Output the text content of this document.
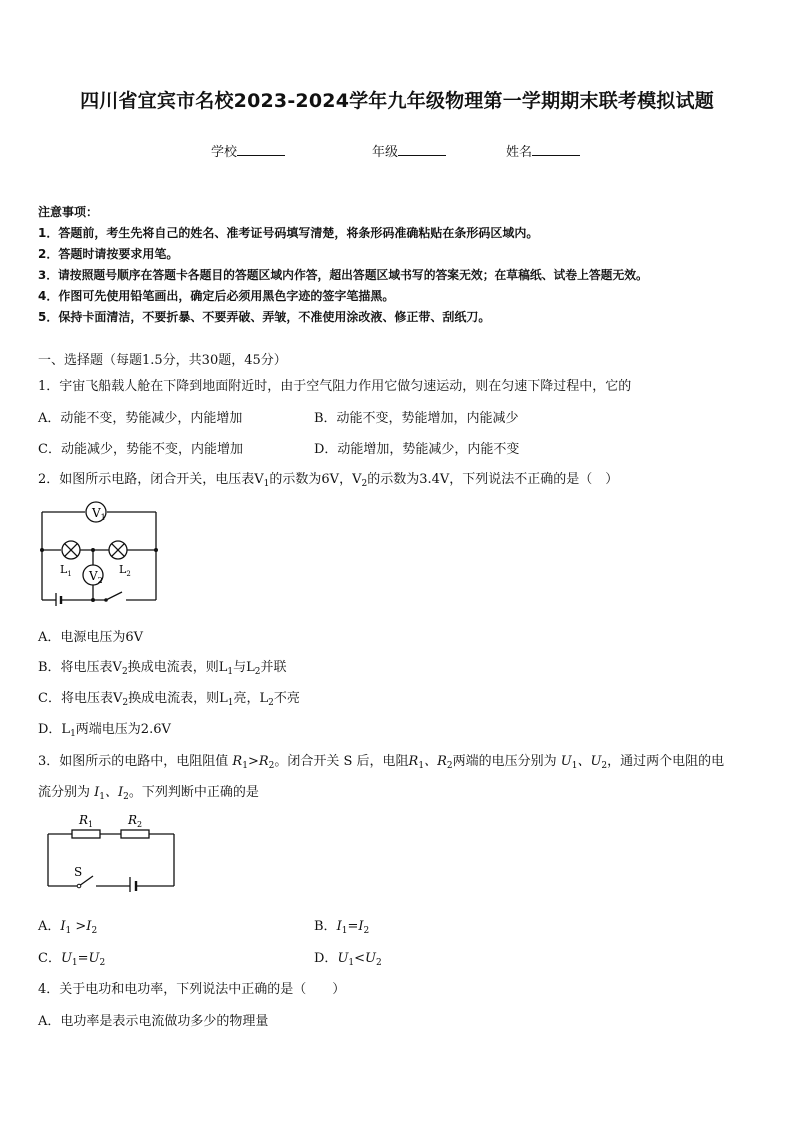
四川省宜宾市名校2023-2024学年九年级物理第一学期期末联考模拟试题
学校	年级	姓名
注意事项：
1．答题前，考生先将自己的姓名、准考证号码填写清楚，将条形码准确粘贴在条形码区域内。
2．答题时请按要求用笔。
3．请按照题号顺序在答题卡各题目的答题区域内作答，超出答题区域书写的答案无效；在草稿纸、试卷上答题无效。
4．作图可先使用铅笔画出，确定后必须用黑色字迹的签字笔描黑。
5．保持卡面清洁，不要折暴、不要弄破、弄皱，不准使用涂改液、修正带、刮纸刀。
一、选择题（每题1.5分，共30题，45分）
1．宇宙飞船载人舱在下降到地面附近时，由于空气阻力作用它做匀速运动，则在匀速下降过程中，它的
A．动能不变，势能减少，内能增加	B．动能不变，势能增加，内能减少
C．动能减少，势能不变，内能增加	D．动能增加，势能减少，内能不变
2．如图所示电路，闭合开关，电压表$V_1$的示数为6V，$V_2$的示数为3.4V，下列说法不正确的是（　）
$V_1$
$V_2$
$L_1$	$L_2$
A．电源电压为6V
B．将电压表$V_2$换成电流表，则$L_1$与$L_2$并联
C．将电压表$V_2$换成电流表，则$L_1$亮，$L_2$不亮
D．$L_1$两端电压为2.6V
3．如图所示的电路中，电阻阻值 $R_1>R_2$。闭合开关 S 后，电阻$R_1$、$R_2$两端的电压分别为 $U_1$、$U_2$，通过两个电阻的电
流分别为 $I_1$、$I_2$。下列判断中正确的是
$R_1$	$R_2$
S
A．$I_1 >I_2$	B．$I_1=I_2$
C．$U_1=U_2$	D．$U_1<U_2$
4．关于电功和电功率，下列说法中正确的是（　　）
A．电功率是表示电流做功多少的物理量
